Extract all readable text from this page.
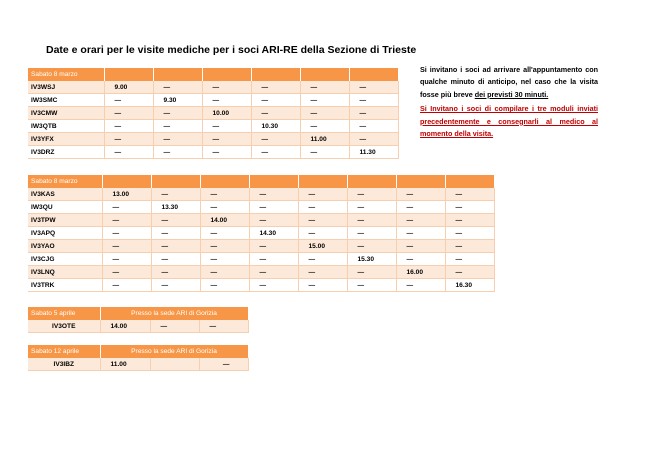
Date e orari per le visite mediche per i soci ARI-RE della Sezione di Trieste
Sabato 8 marzo						
IV3WSJ	9.00	—	—	—	—	—
IW3SMC	—	9.30	—	—	—	—
IV3CMW	—	—	10.00	—	—	—
IW3QTB	—	—	—	10.30	—	—
IV3YFX	—	—	—	—	11.00	—
IV3DRZ	—	—	—	—	—	11.30
Sabato 8 marzo								
IV3KAS	13.00	—	—	—	—	—	—	—
IW3QU	—	13.30	—	—	—	—	—	—
IV3TPW	—	—	14.00	—	—	—	—	—
IV3APQ	—	—	—	14.30	—	—	—	—
IV3YAO	—	—	—	—	15.00	—	—	—
IV3CJG	—	—	—	—	—	15.30	—	—
IV3LNQ	—	—	—	—	—	—	16.00	—
IV3TRK	—	—	—	—	—	—	—	16.30
Sabato 5 aprile	Presso la sede ARI di Gorizia		
IV3OTE	14.00	—	—
Sabato 12 aprile	Presso la sede ARI di Gorizia		
IV3IBZ	11.00		—

Si invitano i soci ad arrivare all'appuntamento con qualche minuto di anticipo, nel caso che la visita fosse più breve dei previsti 30 minuti.

Si Invitano i soci di compilare i tre moduli inviati precedentemente e consegnarli al medico al momento della visita.
